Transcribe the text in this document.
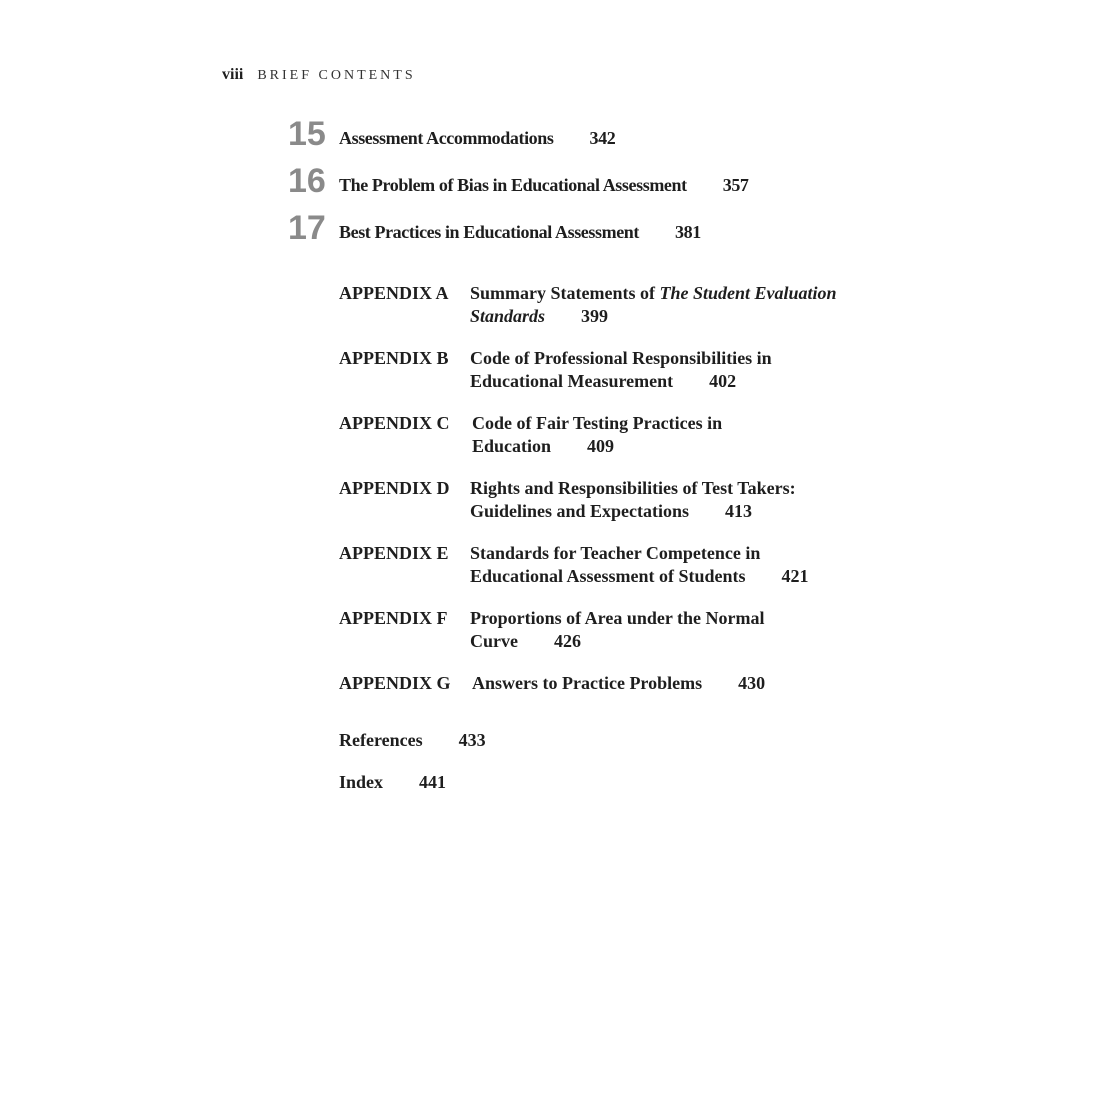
viii BRIEF CONTENTS
15 Assessment Accommodations 342
16 The Problem of Bias in Educational Assessment 357
17 Best Practices in Educational Assessment 381
APPENDIX A Summary Statements of The Student Evaluation
Standards 399
APPENDIX B Code of Professional Responsibilities in
Educational Measurement 402
APPENDIX C Code of Fair Testing Practices in
Education 409
APPENDIX D Rights and Responsibilities of Test Takers:
Guidelines and Expectations 413
APPENDIX E Standards for Teacher Competence in
Educational Assessment of Students 421
APPENDIX F Proportions of Area under the Normal
Curve 426
APPENDIX G Answers to Practice Problems 430
References 433
Index 441
